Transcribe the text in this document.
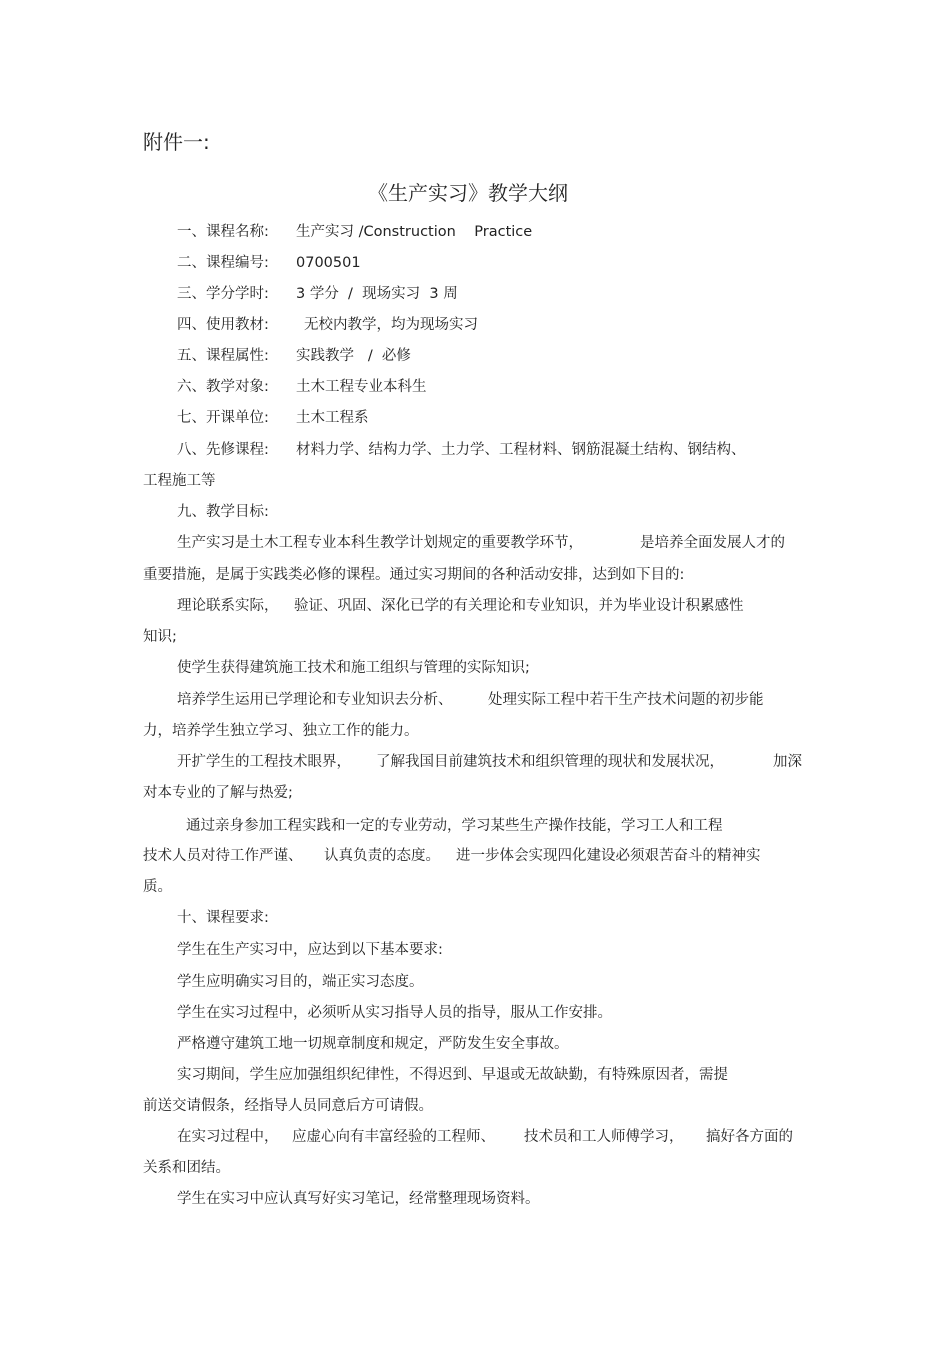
附件一:
《生产实习》教学大纲
一、课程名称: 生产实习 /Construction    Practice
二、课程编号: 0700501
三、学分学时: 3 学分  /  现场实习  3 周
四、使用教材: 无校内教学，均为现场实习
五、课程属性: 实践教学   /  必修
六、教学对象: 土木工程专业本科生
七、开课单位: 土木工程系
八、先修课程: 材料力学、结构力学、土力学、工程材料、钢筋混凝土结构、钢结构、
工程施工等
九、教学目标:
生产实习是土木工程专业本科生教学计划规定的重要教学环节，	是培养全面发展人才的
重要措施，是属于实践类必修的课程。通过实习期间的各种活动安排，达到如下目的:
理论联系实际， 验证、巩固、深化已学的有关理论和专业知识，并为毕业设计积累感性
知识;
使学生获得建筑施工技术和施工组织与管理的实际知识;
培养学生运用已学理论和专业知识去分析、 处理实际工程中若干生产技术问题的初步能
力，培养学生独立学习、独立工作的能力。
开扩学生的工程技术眼界， 了解我国目前建筑技术和组织管理的现状和发展状况，	加深
对本专业的了解与热爱;
通过亲身参加工程实践和一定的专业劳动，学习某些生产操作技能，学习工人和工程
技术人员对待工作严谨、 认真负责的态度。 进一步体会实现四化建设必须艰苦奋斗的精神实
质。
十、课程要求:
学生在生产实习中，应达到以下基本要求:
学生应明确实习目的，端正实习态度。
学生在实习过程中，必须听从实习指导人员的指导，服从工作安排。
严格遵守建筑工地一切规章制度和规定，严防发生安全事故。
实习期间，学生应加强组织纪律性，不得迟到、早退或无故缺勤，有特殊原因者，需提
前送交请假条，经指导人员同意后方可请假。
在实习过程中， 应虚心向有丰富经验的工程师、 技术员和工人师傅学习， 搞好各方面的
关系和团结。
学生在实习中应认真写好实习笔记，经常整理现场资料。
